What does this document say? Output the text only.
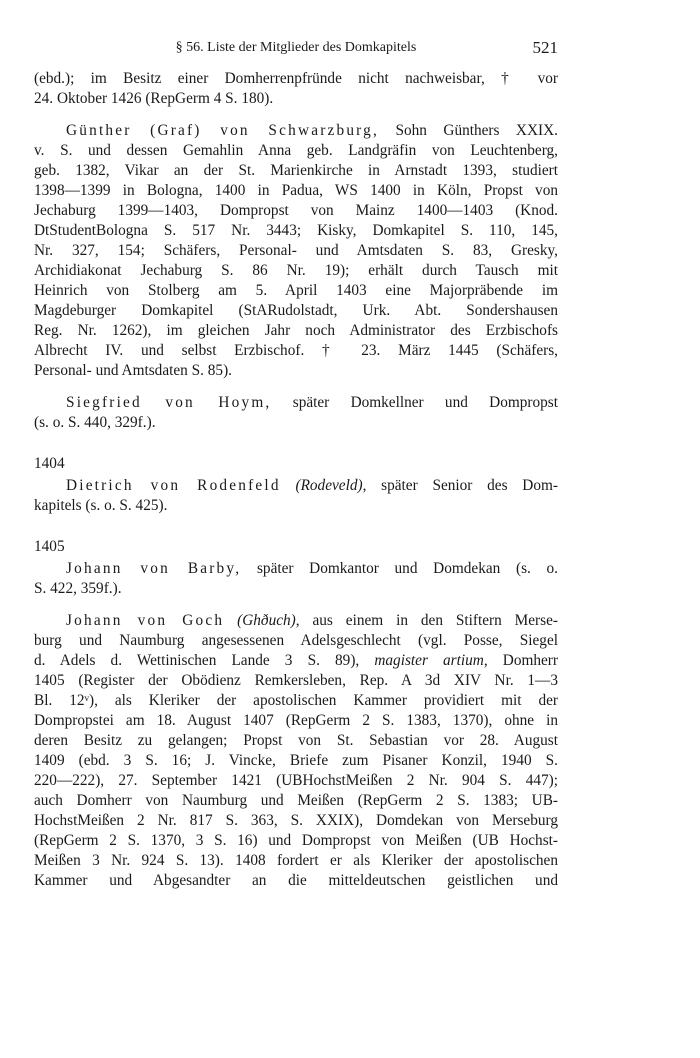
§ 56. Liste der Mitglieder des Domkapitels	521
(ebd.); im Besitz einer Domherrenpfründe nicht nachweisbar, † vor
24. Oktober 1426 (RepGerm 4 S. 180).
Günther (Graf) von Schwarzburg, Sohn Günthers XXIX.
v. S. und dessen Gemahlin Anna geb. Landgräfin von Leuchtenberg,
geb. 1382, Vikar an der St. Marienkirche in Arnstadt 1393, studiert
1398—1399 in Bologna, 1400 in Padua, WS 1400 in Köln, Propst von
Jechaburg 1399—1403, Dompropst von Mainz 1400—1403 (Knod.
DtStudentBologna S. 517 Nr. 3443; Kisky, Domkapitel S. 110, 145,
Nr. 327, 154; Schäfers, Personal- und Amtsdaten S. 83, Gresky,
Archidiakonat Jechaburg S. 86 Nr. 19); erhält durch Tausch mit
Heinrich von Stolberg am 5. April 1403 eine Majorpräbende im
Magdeburger Domkapitel (StARudolstadt, Urk. Abt. Sondershausen
Reg. Nr. 1262), im gleichen Jahr noch Administrator des Erzbischofs
Albrecht IV. und selbst Erzbischof. † 23. März 1445 (Schäfers,
Personal- und Amtsdaten S. 85).
Siegfried von Hoym, später Domkellner und Dompropst
(s. o. S. 440, 329f.).
1404
Dietrich von Rodenfeld (Rodeveld), später Senior des Dom-
kapitels (s. o. S. 425).
1405
Johann von Barby, später Domkantor und Domdekan (s. o.
S. 422, 359f.).
Johann von Goch (Ghðuch), aus einem in den Stiftern Merse-
burg und Naumburg angesessenen Adelsgeschlecht (vgl. Posse, Siegel
d. Adels d. Wettinischen Lande 3 S. 89), magister artium, Domherr
1405 (Register der Obödienz Remkersleben, Rep. A 3d XIV Nr. 1—3
Bl. 12ᵛ), als Kleriker der apostolischen Kammer providiert mit der
Dompropstei am 18. August 1407 (RepGerm 2 S. 1383, 1370), ohne in
deren Besitz zu gelangen; Propst von St. Sebastian vor 28. August
1409 (ebd. 3 S. 16; J. Vincke, Briefe zum Pisaner Konzil, 1940 S.
220—222), 27. September 1421 (UBHochstMeißen 2 Nr. 904 S. 447);
auch Domherr von Naumburg und Meißen (RepGerm 2 S. 1383; UB-
HochstMeißen 2 Nr. 817 S. 363, S. XXIX), Domdekan von Merseburg
(RepGerm 2 S. 1370, 3 S. 16) und Dompropst von Meißen (UB Hochst-
Meißen 3 Nr. 924 S. 13). 1408 fordert er als Kleriker der apostolischen
Kammer und Abgesandter an die mitteldeutschen geistlichen und
